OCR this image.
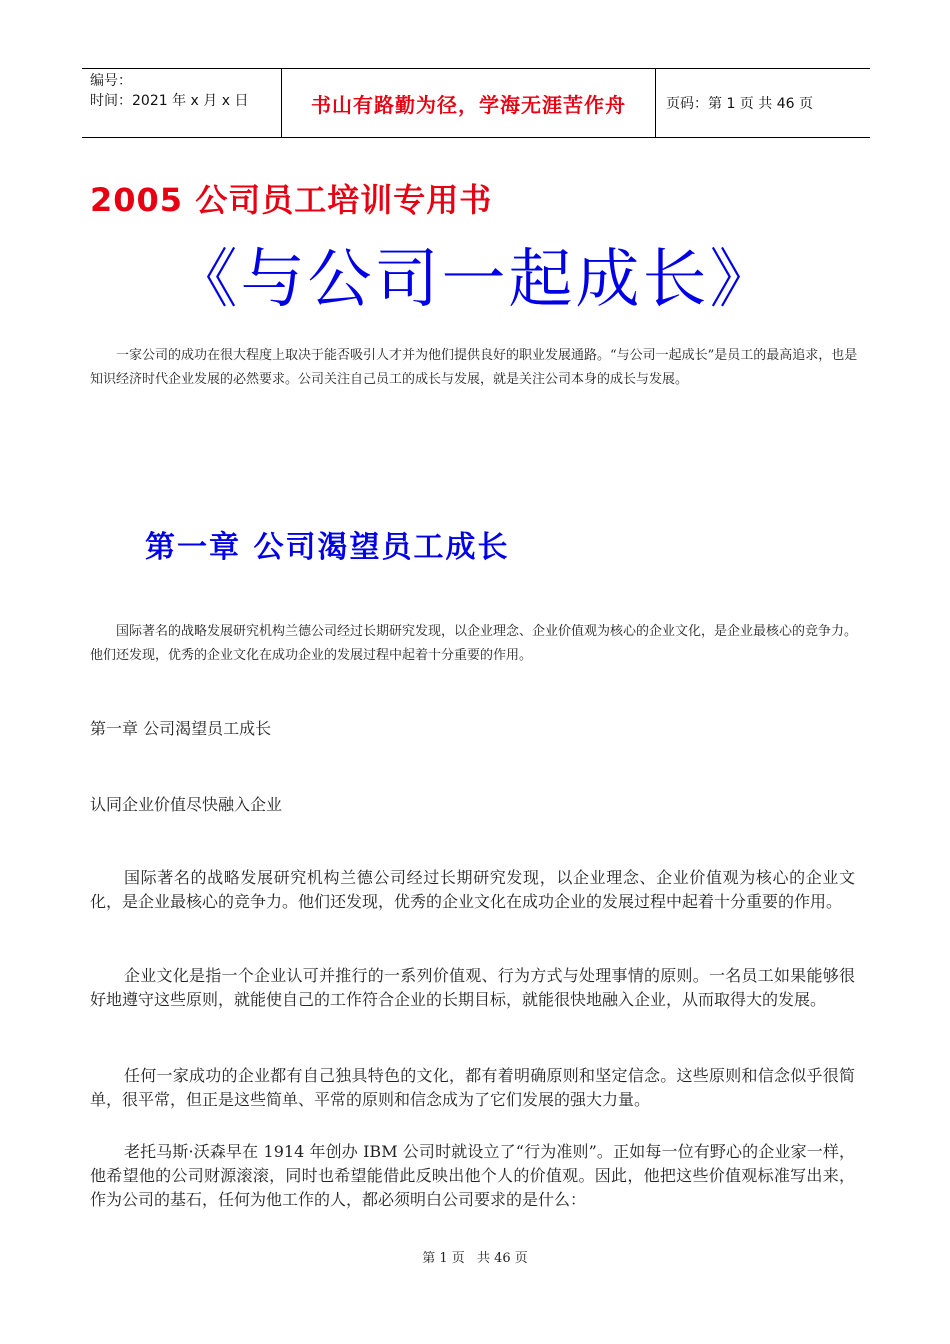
编号：
时间：2021 年 x 月 x 日	书山有路勤为径，学海无涯苦作舟	页码：第 1 页 共 46 页
2005 公司员工培训专用书
《与公司一起成长》

一家公司的成功在很大程度上取决于能否吸引人才并为他们提供良好的职业发展通路。“与公司一起成长”是员工的最高追求，也是知识经济时代企业发展的必然要求。公司关注自己员工的成长与发展，就是关注公司本身的成长与发展。

第一章 公司渴望员工成长

国际著名的战略发展研究机构兰德公司经过长期研究发现，以企业理念、企业价值观为核心的企业文化，是企业最核心的竞争力。他们还发现，优秀的企业文化在成功企业的发展过程中起着十分重要的作用。

第一章 公司渴望员工成长

认同企业价值尽快融入企业

国际著名的战略发展研究机构兰德公司经过长期研究发现，以企业理念、企业价值观为核心的企业文化，是企业最核心的竞争力。他们还发现，优秀的企业文化在成功企业的发展过程中起着十分重要的作用。

企业文化是指一个企业认可并推行的一系列价值观、行为方式与处理事情的原则。一名员工如果能够很好地遵守这些原则，就能使自己的工作符合企业的长期目标，就能很快地融入企业，从而取得大的发展。

任何一家成功的企业都有自己独具特色的文化，都有着明确原则和坚定信念。这些原则和信念似乎很简单，很平常，但正是这些简单、平常的原则和信念成为了它们发展的强大力量。

老托马斯·沃森早在 1914 年创办 IBM 公司时就设立了“行为准则”。正如每一位有野心的企业家一样，他希望他的公司财源滚滚，同时也希望能借此反映出他个人的价值观。因此，他把这些价值观标准写出来，作为公司的基石，任何为他工作的人，都必须明白公司要求的是什么：

第 1 页 共 46 页
